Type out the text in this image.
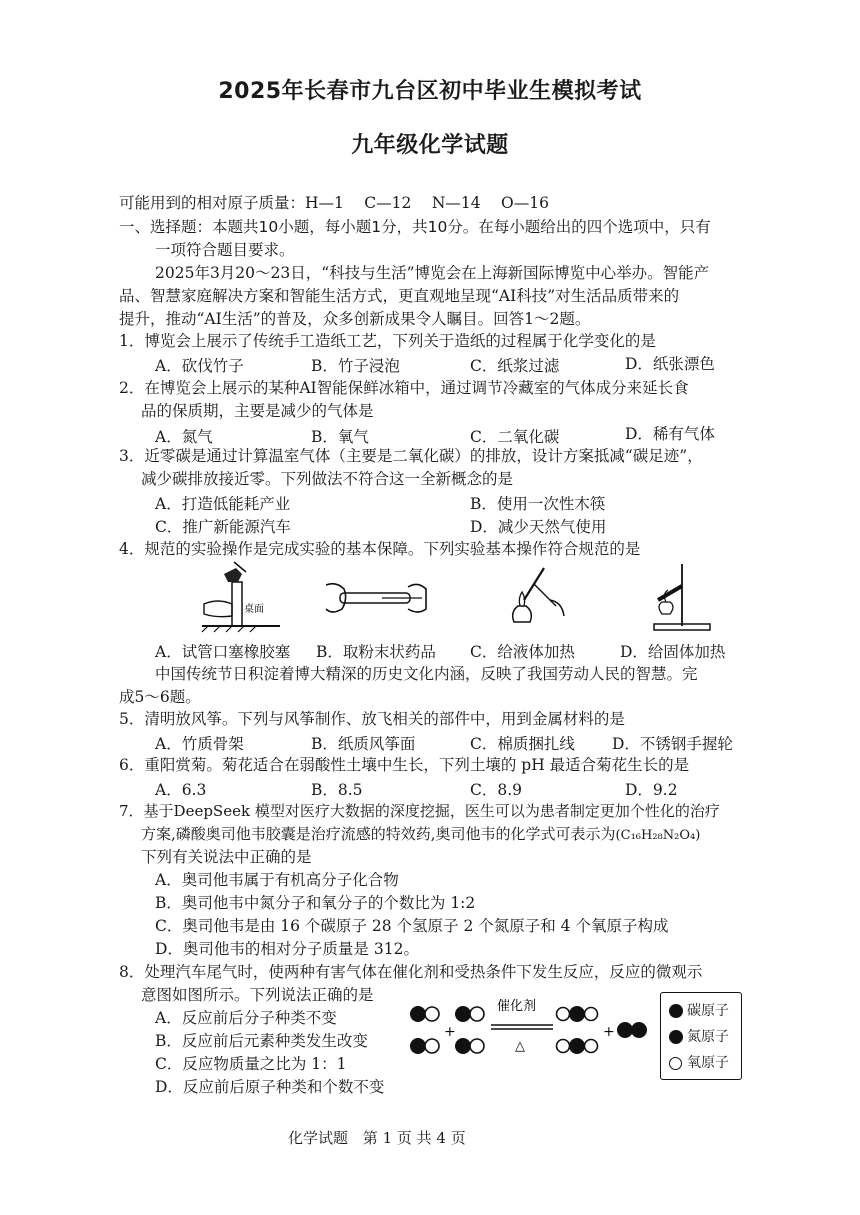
2025年长春市九台区初中毕业生模拟考试
九年级化学试题
可能用到的相对原子质量：H—1　 C—12　 N—14　 O—16
一、选择题：本题共10小题，每小题1分，共10分。在每小题给出的四个选项中，只有
一项符合题目要求。
2025年3月20～23日，“科技与生活”博览会在上海新国际博览中心举办。智能产
品、智慧家庭解决方案和智能生活方式，更直观地呈现“AI科技”对生活品质带来的
提升，推动“AI生活”的普及，众多创新成果令人瞩目。回答1～2题。
1．博览会上展示了传统手工造纸工艺，下列关于造纸的过程属于化学变化的是
A．砍伐竹子	B．竹子浸泡	C．纸浆过滤	D．纸张漂色
2．在博览会上展示的某种AI智能保鲜冰箱中，通过调节冷藏室的气体成分来延长食
品的保质期，主要是减少的气体是
A．氮气	B．氧气	C．二氧化碳	D．稀有气体
3．近零碳是通过计算温室气体（主要是二氧化碳）的排放，设计方案抵减“碳足迹”，
减少碳排放接近零。下列做法不符合这一全新概念的是
A．打造低能耗产业	B．使用一次性木筷
C．推广新能源汽车	D．减少天然气使用
4．规范的实验操作是完成实验的基本保障。下列实验基本操作符合规范的是
桌面
A．试管口塞橡胶塞 B．取粉末状药品 C．给液体加热	D．给固体加热
中国传统节日积淀着博大精深的历史文化内涵，反映了我国劳动人民的智慧。完
成5～6题。
5．清明放风筝。下列与风筝制作、放飞相关的部件中，用到金属材料的是
A．竹质骨架	B．纸质风筝面	C．棉质捆扎线 D．不锈钢手握轮
6．重阳赏菊。菊花适合在弱酸性土壤中生长，下列土壤的 pH 最适合菊花生长的是
A．6.3	B．8.5	C．8.9	D．9.2
7．基于DeepSeek 模型对医疗大数据的深度挖掘，医生可以为患者制定更加个性化的治疗
方案,磷酸奥司他韦胶囊是治疗流感的特效药,奥司他韦的化学式可表示为(C₁₆H₂₈N₂O₄)
下列有关说法中正确的是
A．奥司他韦属于有机高分子化合物
B．奥司他韦中氮分子和氧分子的个数比为 1:2
C．奥司他韦是由 16 个碳原子 28 个氢原子 2 个氮原子和 4 个氧原子构成
D．奥司他韦的相对分子质量是 312。
8．处理汽车尾气时，使两种有害气体在催化剂和受热条件下发生反应，反应的微观示
意图如图所示。下列说法正确的是
A．反应前后分子种类不变
B．反应前后元素种类发生改变
C．反应物质量之比为 1：1
D．反应前后原子种类和个数不变
+
催化剂
△
+
碳原子
氮原子
氧原子
化学试题 第 1 页 共 4 页
